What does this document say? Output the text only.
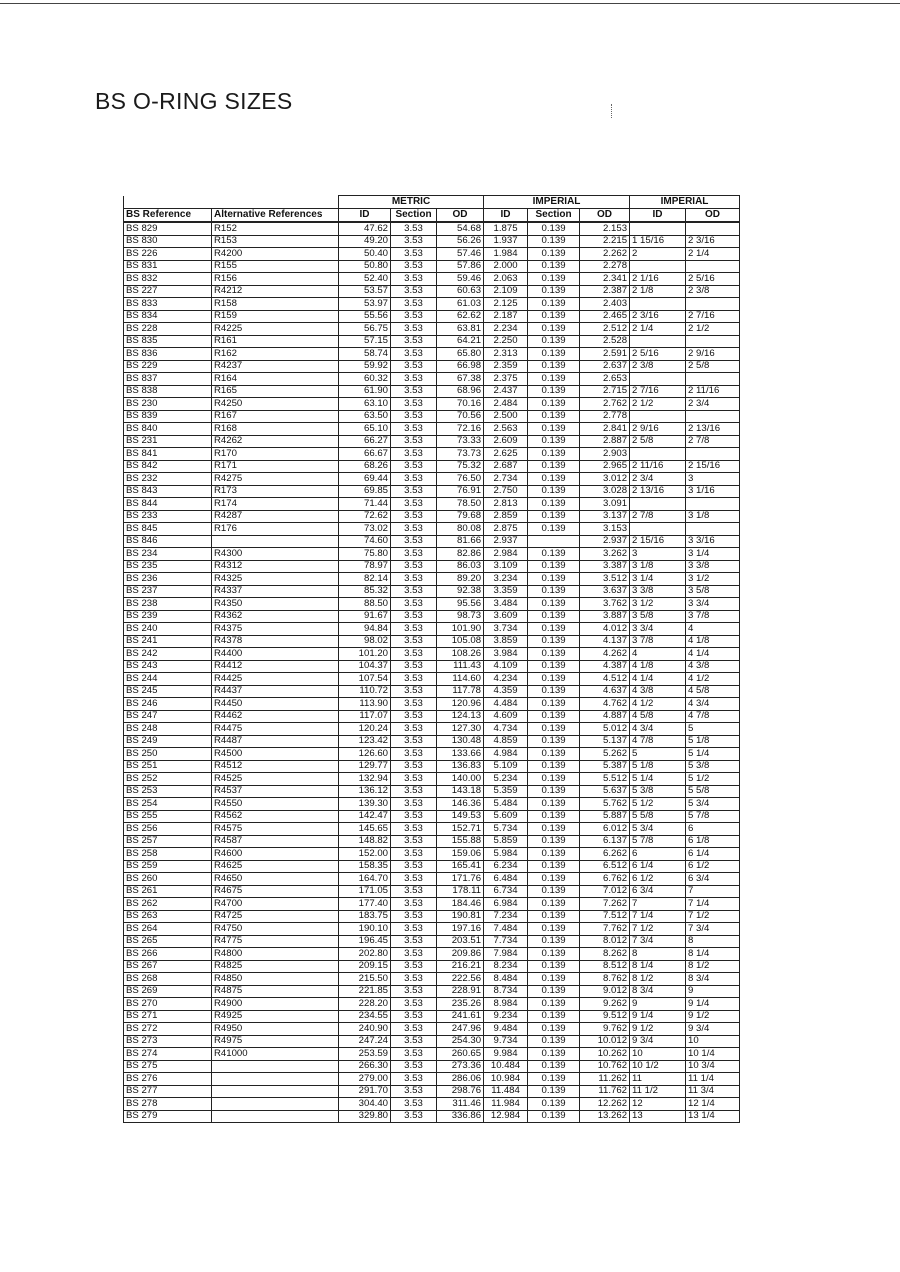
BS O-RING SIZES
		METRIC			IMPERIAL			IMPERIAL	
BS Reference	Alternative References	ID	Section	OD	ID	Section	OD	ID	OD
BS 829	R152	47.62	3.53	54.68	1.875	0.139	2.153		
BS 830	R153	49.20	3.53	56.26	1.937	0.139	2.215	1 15/16	2 3/16
BS 226	R4200	50.40	3.53	57.46	1.984	0.139	2.262	2	2 1/4
BS 831	R155	50.80	3.53	57.86	2.000	0.139	2.278		
BS 832	R156	52.40	3.53	59.46	2.063	0.139	2.341	2 1/16	2 5/16
BS 227	R4212	53.57	3.53	60.63	2.109	0.139	2.387	2 1/8	2 3/8
BS 833	R158	53.97	3.53	61.03	2.125	0.139	2.403		
BS 834	R159	55.56	3.53	62.62	2.187	0.139	2.465	2 3/16	2 7/16
BS 228	R4225	56.75	3.53	63.81	2.234	0.139	2.512	2 1/4	2 1/2
BS 835	R161	57.15	3.53	64.21	2.250	0.139	2.528		
BS 836	R162	58.74	3.53	65.80	2.313	0.139	2.591	2 5/16	2 9/16
BS 229	R4237	59.92	3.53	66.98	2.359	0.139	2.637	2 3/8	2 5/8
BS 837	R164	60.32	3.53	67.38	2.375	0.139	2.653		
BS 838	R165	61.90	3.53	68.96	2.437	0.139	2.715	2 7/16	2 11/16
BS 230	R4250	63.10	3.53	70.16	2.484	0.139	2.762	2 1/2	2 3/4
BS 839	R167	63.50	3.53	70.56	2.500	0.139	2.778		
BS 840	R168	65.10	3.53	72.16	2.563	0.139	2.841	2 9/16	2 13/16
BS 231	R4262	66.27	3.53	73.33	2.609	0.139	2.887	2 5/8	2 7/8
BS 841	R170	66.67	3.53	73.73	2.625	0.139	2.903		
BS 842	R171	68.26	3.53	75.32	2.687	0.139	2.965	2 11/16	2 15/16
BS 232	R4275	69.44	3.53	76.50	2.734	0.139	3.012	2 3/4	3
BS 843	R173	69.85	3.53	76.91	2.750	0.139	3.028	2 13/16	3 1/16
BS 844	R174	71.44	3.53	78.50	2.813	0.139	3.091		
BS 233	R4287	72.62	3.53	79.68	2.859	0.139	3.137	2 7/8	3 1/8
BS 845	R176	73.02	3.53	80.08	2.875	0.139	3.153		
BS 846		74.60	3.53	81.66	2.937		2.937	2 15/16	3 3/16
BS 234	R4300	75.80	3.53	82.86	2.984	0.139	3.262	3	3 1/4
BS 235	R4312	78.97	3.53	86.03	3.109	0.139	3.387	3 1/8	3 3/8
BS 236	R4325	82.14	3.53	89.20	3.234	0.139	3.512	3 1/4	3 1/2
BS 237	R4337	85.32	3.53	92.38	3.359	0.139	3.637	3 3/8	3 5/8
BS 238	R4350	88.50	3.53	95.56	3.484	0.139	3.762	3 1/2	3 3/4
BS 239	R4362	91.67	3.53	98.73	3.609	0.139	3.887	3 5/8	3 7/8
BS 240	R4375	94.84	3.53	101.90	3.734	0.139	4.012	3 3/4	4
BS 241	R4378	98.02	3.53	105.08	3.859	0.139	4.137	3 7/8	4 1/8
BS 242	R4400	101.20	3.53	108.26	3.984	0.139	4.262	4	4 1/4
BS 243	R4412	104.37	3.53	111.43	4.109	0.139	4.387	4 1/8	4 3/8
BS 244	R4425	107.54	3.53	114.60	4.234	0.139	4.512	4 1/4	4 1/2
BS 245	R4437	110.72	3.53	117.78	4.359	0.139	4.637	4 3/8	4 5/8
BS 246	R4450	113.90	3.53	120.96	4.484	0.139	4.762	4 1/2	4 3/4
BS 247	R4462	117.07	3.53	124.13	4.609	0.139	4.887	4 5/8	4 7/8
BS 248	R4475	120.24	3.53	127.30	4.734	0.139	5.012	4 3/4	5
BS 249	R4487	123.42	3.53	130.48	4.859	0.139	5.137	4 7/8	5 1/8
BS 250	R4500	126.60	3.53	133.66	4.984	0.139	5.262	5	5 1/4
BS 251	R4512	129.77	3.53	136.83	5.109	0.139	5.387	5 1/8	5 3/8
BS 252	R4525	132.94	3.53	140.00	5.234	0.139	5.512	5 1/4	5 1/2
BS 253	R4537	136.12	3.53	143.18	5.359	0.139	5.637	5 3/8	5 5/8
BS 254	R4550	139.30	3.53	146.36	5.484	0.139	5.762	5 1/2	5 3/4
BS 255	R4562	142.47	3.53	149.53	5.609	0.139	5.887	5 5/8	5 7/8
BS 256	R4575	145.65	3.53	152.71	5.734	0.139	6.012	5 3/4	6
BS 257	R4587	148.82	3.53	155.88	5.859	0.139	6.137	5 7/8	6 1/8
BS 258	R4600	152.00	3.53	159.06	5.984	0.139	6.262	6	6 1/4
BS 259	R4625	158.35	3.53	165.41	6.234	0.139	6.512	6 1/4	6 1/2
BS 260	R4650	164.70	3.53	171.76	6.484	0.139	6.762	6 1/2	6 3/4
BS 261	R4675	171.05	3.53	178.11	6.734	0.139	7.012	6 3/4	7
BS 262	R4700	177.40	3.53	184.46	6.984	0.139	7.262	7	7 1/4
BS 263	R4725	183.75	3.53	190.81	7.234	0.139	7.512	7 1/4	7 1/2
BS 264	R4750	190.10	3.53	197.16	7.484	0.139	7.762	7 1/2	7 3/4
BS 265	R4775	196.45	3.53	203.51	7.734	0.139	8.012	7 3/4	8
BS 266	R4800	202.80	3.53	209.86	7.984	0.139	8.262	8	8 1/4
BS 267	R4825	209.15	3.53	216.21	8.234	0.139	8.512	8 1/4	8 1/2
BS 268	R4850	215.50	3.53	222.56	8.484	0.139	8.762	8 1/2	8 3/4
BS 269	R4875	221.85	3.53	228.91	8.734	0.139	9.012	8 3/4	9
BS 270	R4900	228.20	3.53	235.26	8.984	0.139	9.262	9	9 1/4
BS 271	R4925	234.55	3.53	241.61	9.234	0.139	9.512	9 1/4	9 1/2
BS 272	R4950	240.90	3.53	247.96	9.484	0.139	9.762	9 1/2	9 3/4
BS 273	R4975	247.24	3.53	254.30	9.734	0.139	10.012	9 3/4	10
BS 274	R41000	253.59	3.53	260.65	9.984	0.139	10.262	10	10 1/4
BS 275		266.30	3.53	273.36	10.484	0.139	10.762	10 1/2	10 3/4
BS 276		279.00	3.53	286.06	10.984	0.139	11.262	11	11 1/4
BS 277		291.70	3.53	298.76	11.484	0.139	11.762	11 1/2	11 3/4
BS 278		304.40	3.53	311.46	11.984	0.139	12.262	12	12 1/4
BS 279		329.80	3.53	336.86	12.984	0.139	13.262	13	13 1/4
